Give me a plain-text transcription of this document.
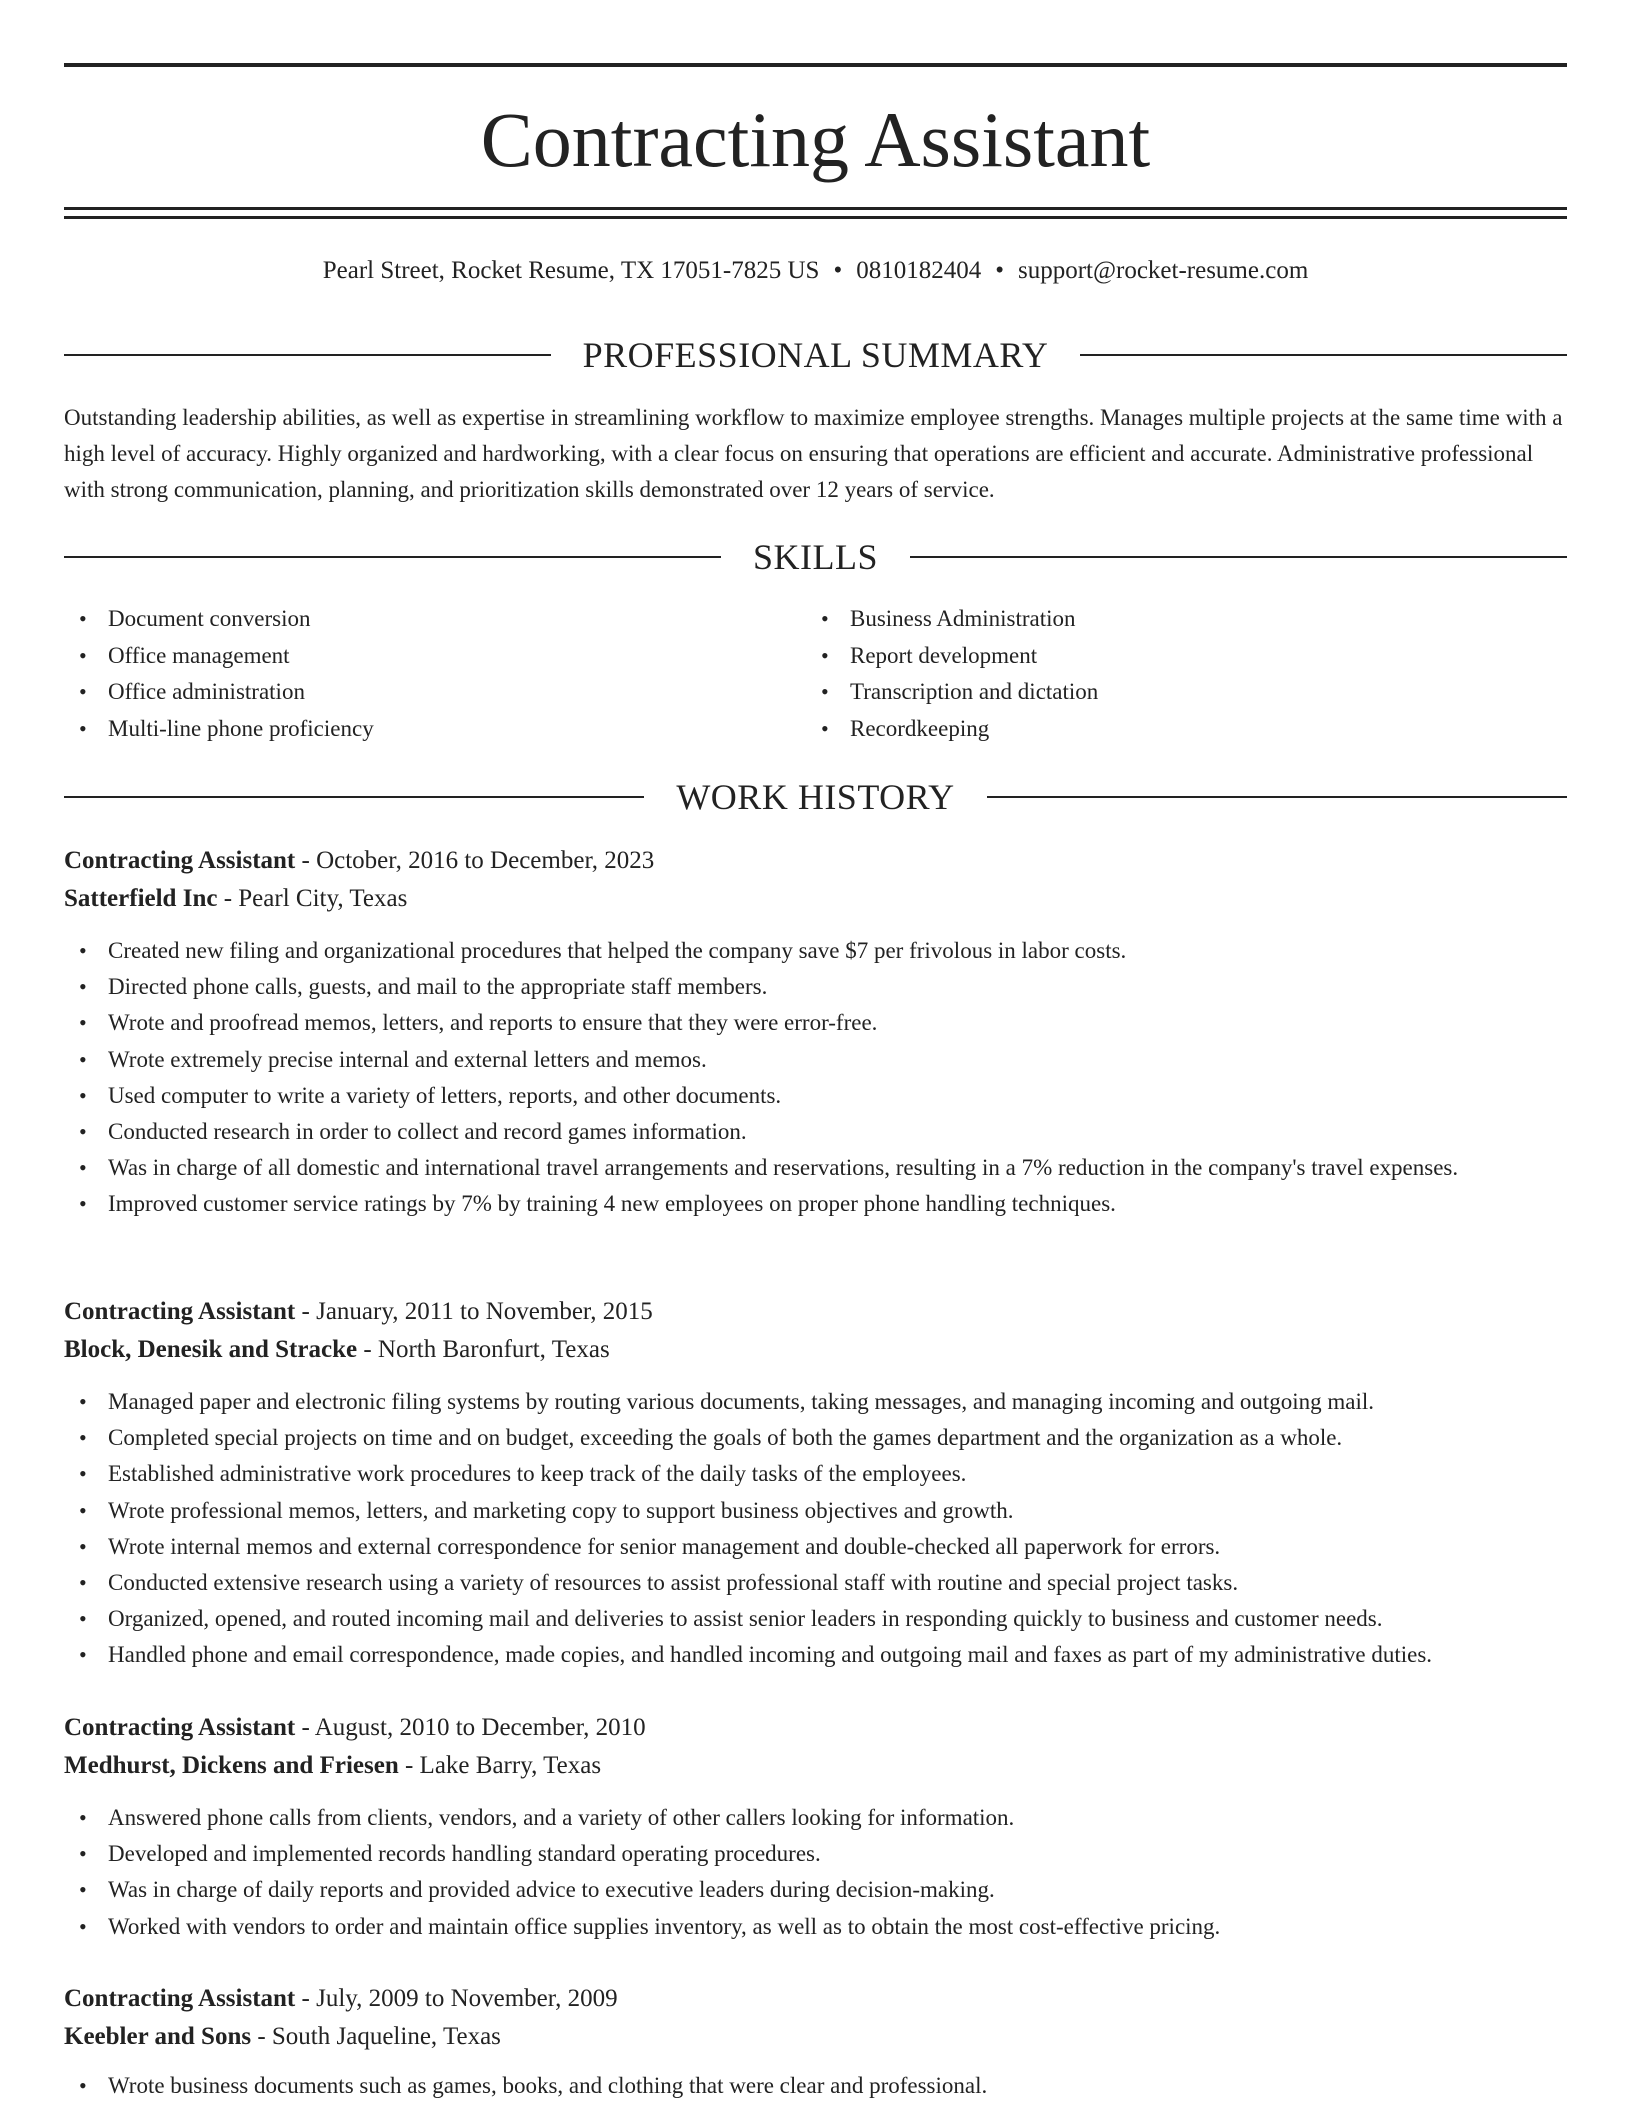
Contracting Assistant
Pearl Street, Rocket Resume, TX 17051-7825 US • 0810182404 • support@rocket-resume.com
PROFESSIONAL SUMMARY

Outstanding leadership abilities, as well as expertise in streamlining workflow to maximize employee strengths. Manages multiple projects at the same time with a high level of accuracy. Highly organized and hardworking, with a clear focus on ensuring that operations are efficient and accurate. Administrative professional with strong communication, planning, and prioritization skills demonstrated over 12 years of service.

SKILLS
• Document conversion
• Office management
• Office administration
• Multi-line phone proficiency
• Business Administration
• Report development
• Transcription and dictation
• Recordkeeping
WORK HISTORY
Contracting Assistant - October, 2016 to December, 2023
Satterfield Inc - Pearl City, Texas
• Created new filing and organizational procedures that helped the company save $7 per frivolous in labor costs.
• Directed phone calls, guests, and mail to the appropriate staff members.
• Wrote and proofread memos, letters, and reports to ensure that they were error-free.
• Wrote extremely precise internal and external letters and memos.
• Used computer to write a variety of letters, reports, and other documents.
• Conducted research in order to collect and record games information.
• Was in charge of all domestic and international travel arrangements and reservations, resulting in a 7% reduction in the company's travel expenses.
• Improved customer service ratings by 7% by training 4 new employees on proper phone handling techniques.
Contracting Assistant - January, 2011 to November, 2015
Block, Denesik and Stracke - North Baronfurt, Texas
• Managed paper and electronic filing systems by routing various documents, taking messages, and managing incoming and outgoing mail.
• Completed special projects on time and on budget, exceeding the goals of both the games department and the organization as a whole.
• Established administrative work procedures to keep track of the daily tasks of the employees.
• Wrote professional memos, letters, and marketing copy to support business objectives and growth.
• Wrote internal memos and external correspondence for senior management and double-checked all paperwork for errors.
• Conducted extensive research using a variety of resources to assist professional staff with routine and special project tasks.
• Organized, opened, and routed incoming mail and deliveries to assist senior leaders in responding quickly to business and customer needs.
• Handled phone and email correspondence, made copies, and handled incoming and outgoing mail and faxes as part of my administrative duties.
Contracting Assistant - August, 2010 to December, 2010
Medhurst, Dickens and Friesen - Lake Barry, Texas
• Answered phone calls from clients, vendors, and a variety of other callers looking for information.
• Developed and implemented records handling standard operating procedures.
• Was in charge of daily reports and provided advice to executive leaders during decision-making.
• Worked with vendors to order and maintain office supplies inventory, as well as to obtain the most cost-effective pricing.
Contracting Assistant - July, 2009 to November, 2009
Keebler and Sons - South Jaqueline, Texas
• Wrote business documents such as games, books, and clothing that were clear and professional.
